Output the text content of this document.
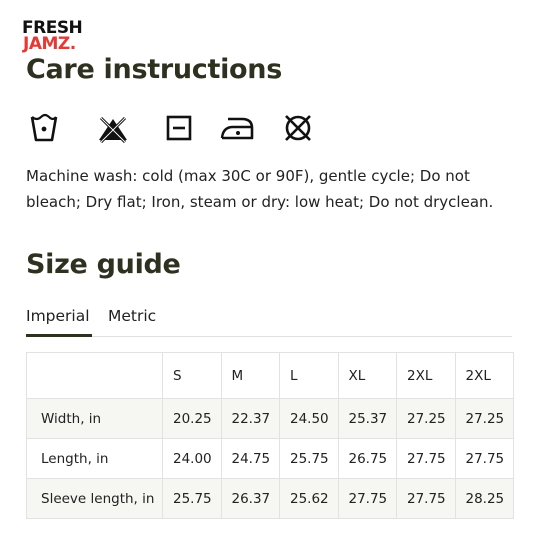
FRESH
JAMZ.
Care instructions

Machine wash: cold (max 30C or 90F), gentle cycle; Do not bleach; Dry flat; Iron, steam or dry: low heat; Do not dryclean.

Size guide
Imperial Metric
	S	M	L	XL	2XL	2XL
Width, in	20.25	22.37	24.50	25.37	27.25	27.25
Length, in	24.00	24.75	25.75	26.75	27.75	27.75
Sleeve length, in	25.75	26.37	25.62	27.75	27.75	28.25
